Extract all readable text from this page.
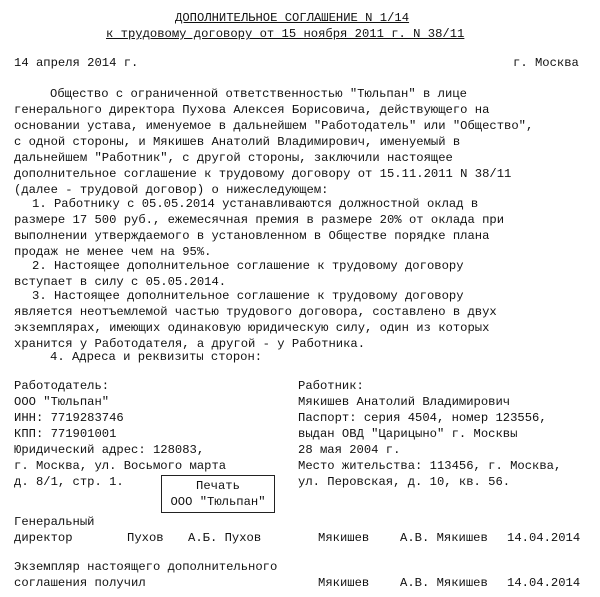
ДОПОЛНИТЕЛЬНОЕ СОГЛАШЕНИЕ N 1/14
к трудовому договору от 15 ноября 2011 г. N 38/11
14 апреля 2014 г.	г. Москва
Общество с ограниченной ответственностью "Тюльпан" в лице
генерального директора Пухова Алексея Борисовича, действующего на
основании устава, именуемое в дальнейшем "Работодатель" или "Общество",
с одной стороны, и Мякишев Анатолий Владимирович, именуемый в
дальнейшем "Работник", с другой стороны, заключили настоящее
дополнительное соглашение к трудовому договору от 15.11.2011 N 38/11
(далее - трудовой договор) о нижеследующем:
1. Работнику с 05.05.2014 устанавливаются должностной оклад в
размере 17 500 руб., ежемесячная премия в размере 20% от оклада при
выполнении утверждаемого в установленном в Обществе порядке плана
продаж не менее чем на 95%.
2. Настоящее дополнительное соглашение к трудовому договору
вступает в силу с 05.05.2014.
3. Настоящее дополнительное соглашение к трудовому договору
является неотъемлемой частью трудового договора, составлено в двух
экземплярах, имеющих одинаковую юридическую силу, один из которых
хранится у Работодателя, а другой - у Работника.
4. Адреса и реквизиты сторон:
Работодатель:
ООО "Тюльпан"
ИНН: 7719283746
КПП: 771901001
Юридический адрес: 128083,
г. Москва, ул. Восьмого марта
д. 8/1, стр. 1.
Работник:
Мякишев Анатолий Владимирович
Паспорт: серия 4504, номер 123556,
выдан ОВД "Царицыно" г. Москвы
28 мая 2004 г.
Место жительства: 113456, г. Москва,
ул. Перовская, д. 10, кв. 56.
Печать
ООО "Тюльпан"
Генеральный
директор	Пухов А.Б. Пухов	Мякишев	А.В. Мякишев 14.04.2014
Экземпляр настоящего дополнительного
соглашения получил	Мякишев	А.В. Мякишев 14.04.2014
